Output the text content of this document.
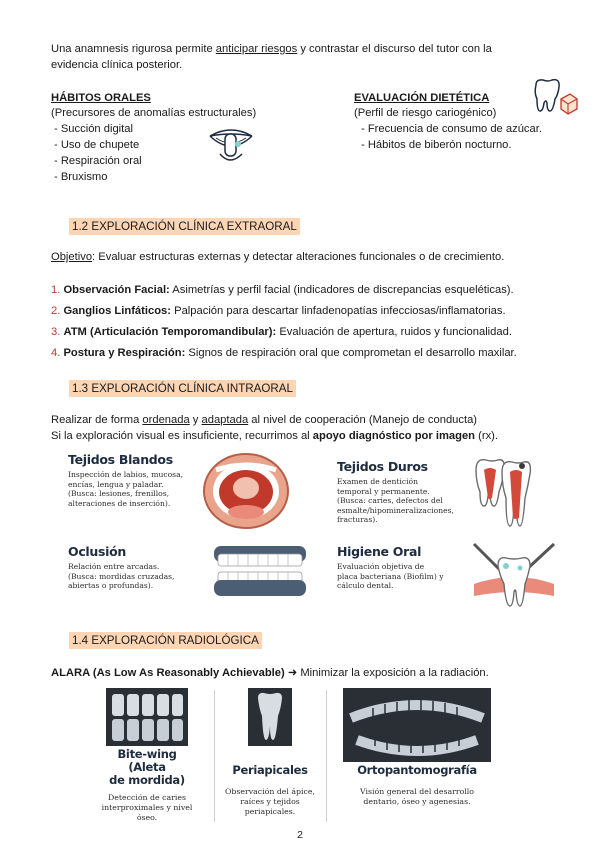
Una anamnesis rigurosa permite anticipar riesgos y contrastar el discurso del tutor con la
evidencia clínica posterior.
HÁBITOS ORALES
(Precursores de anomalías estructurales)
- Succión digital
- Uso de chupete
- Respiración oral
- Bruxismo
EVALUACIÓN DIETÉTICA
(Perfil de riesgo cariogénico)
- Frecuencia de consumo de azúcar.
- Hábitos de biberón nocturno.
1.2 EXPLORACIÓN CLÍNICA EXTRAORAL
Objetivo: Evaluar estructuras externas y detectar alteraciones funcionales o de crecimiento.
1. Observación Facial: Asimetrías y perfil facial (indicadores de discrepancias esqueléticas).
2. Ganglios Linfáticos: Palpación para descartar linfadenopatías infecciosas/inflamatorias.
3. ATM (Articulación Temporomandibular): Evaluación de apertura, ruidos y funcionalidad.
4. Postura y Respiración: Signos de respiración oral que comprometan el desarrollo maxilar.
1.3 EXPLORACIÓN CLÍNICA INTRAORAL
Realizar de forma ordenada y adaptada al nivel de cooperación (Manejo de conducta)
Si la exploración visual es insuficiente, recurrimos al apoyo diagnóstico por imagen (rx).
Tejidos Blandos
Inspección de labios, mucosa,
encías, lengua y paladar.
(Busca: lesiones, frenillos,
alteraciones de inserción).
Tejidos Duros
Examen de dentición
temporal y permanente.
(Busca: caries, defectos del
esmalte/hipomineralizaciones,
fracturas).
Oclusión
Relación entre arcadas.
(Busca: mordidas cruzadas,
abiertas o profundas).
Higiene Oral
Evaluación objetiva de
placa bacteriana (Biofilm) y
cálculo dental.
1.4 EXPLORACIÓN RADIOLÓGICA
ALARA (As Low As Reasonably Achievable) ➜ Minimizar la exposición a la radiación.
Bite-wing (Aleta
de mordida)
Detección de caries
interproximales y nivel
óseo.
Periapicales
Observación del ápice,
raíces y tejidos
periapicales.
Ortopantomografía
Visión general del desarrollo
dentario, óseo y agenesias.
2
